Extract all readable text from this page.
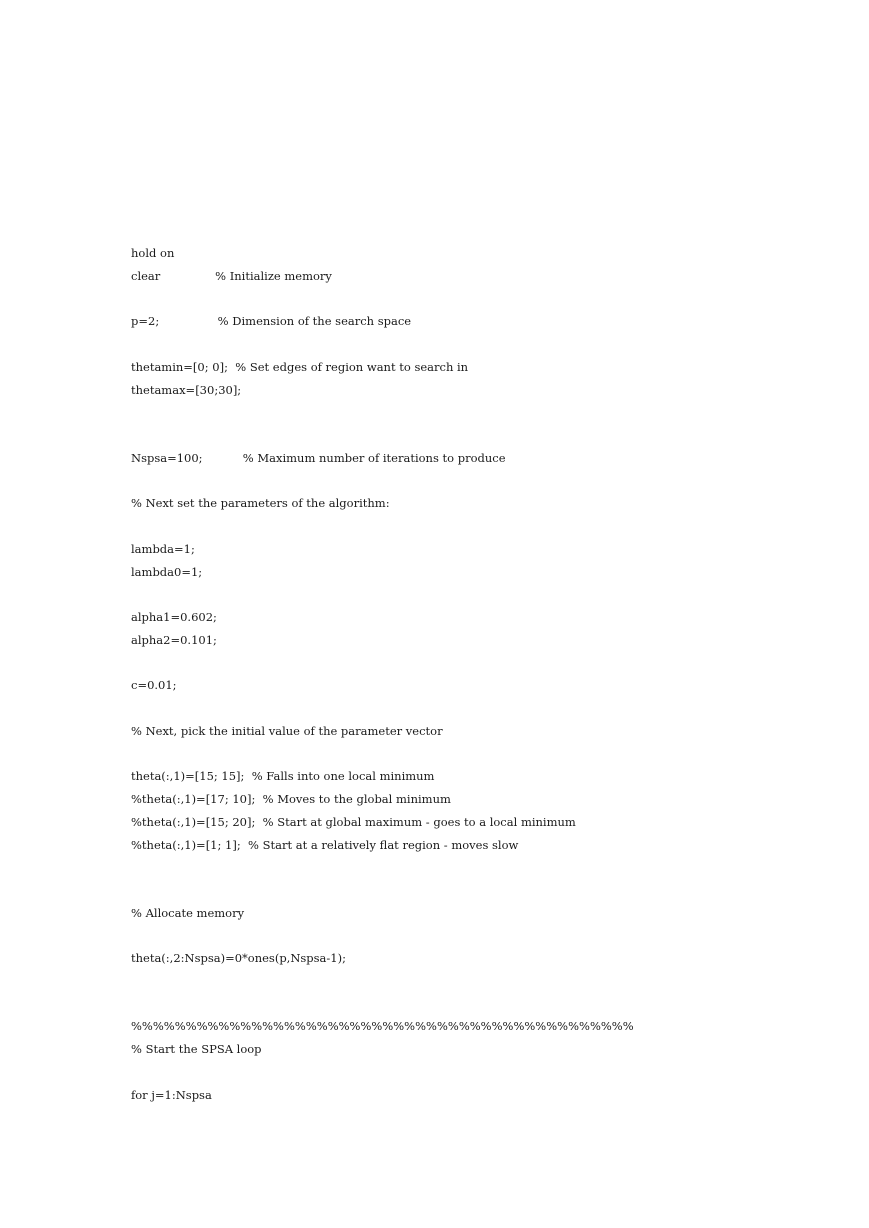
hold on
clear               % Initialize memory
p=2;                % Dimension of the search space
thetamin=[0; 0];  % Set edges of region want to search in
thetamax=[30;30];
Nspsa=100;           % Maximum number of iterations to produce
% Next set the parameters of the algorithm:
lambda=1;
lambda0=1;
alpha1=0.602;
alpha2=0.101;
c=0.01;
% Next, pick the initial value of the parameter vector
theta(:,1)=[15; 15];  % Falls into one local minimum
%theta(:,1)=[17; 10];  % Moves to the global minimum
%theta(:,1)=[15; 20];  % Start at global maximum - goes to a local minimum
%theta(:,1)=[1; 1];  % Start at a relatively flat region - moves slow
% Allocate memory
theta(:,2:Nspsa)=0*ones(p,Nspsa-1);
%%%%%%%%%%%%%%%%%%%%%%%%%%%%%%%%%%%%%%%%%%%%%%
% Start the SPSA loop
for j=1:Nspsa
